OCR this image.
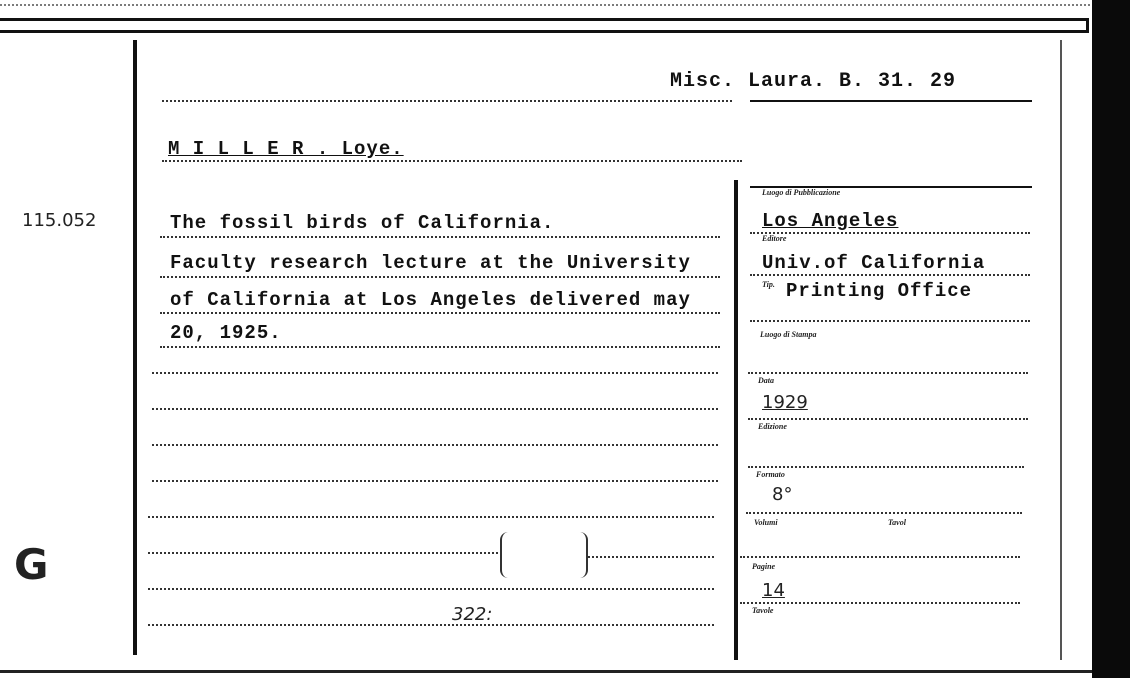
Misc. Laura. B. 31. 29
M I L L E R . Loye.
115.052
G
The fossil birds of California.
Faculty research lecture at the University
of California at Los Angeles delivered may
20, 1925.
322:
Luogo di Pubblicazione
Los Angeles
Editore
Univ.of California
Tip. Printing Office
Luogo di Stampa
Data
1929
Edizione
Formato
8°
Volumi	Tavol
Pagine
14
Tavole
